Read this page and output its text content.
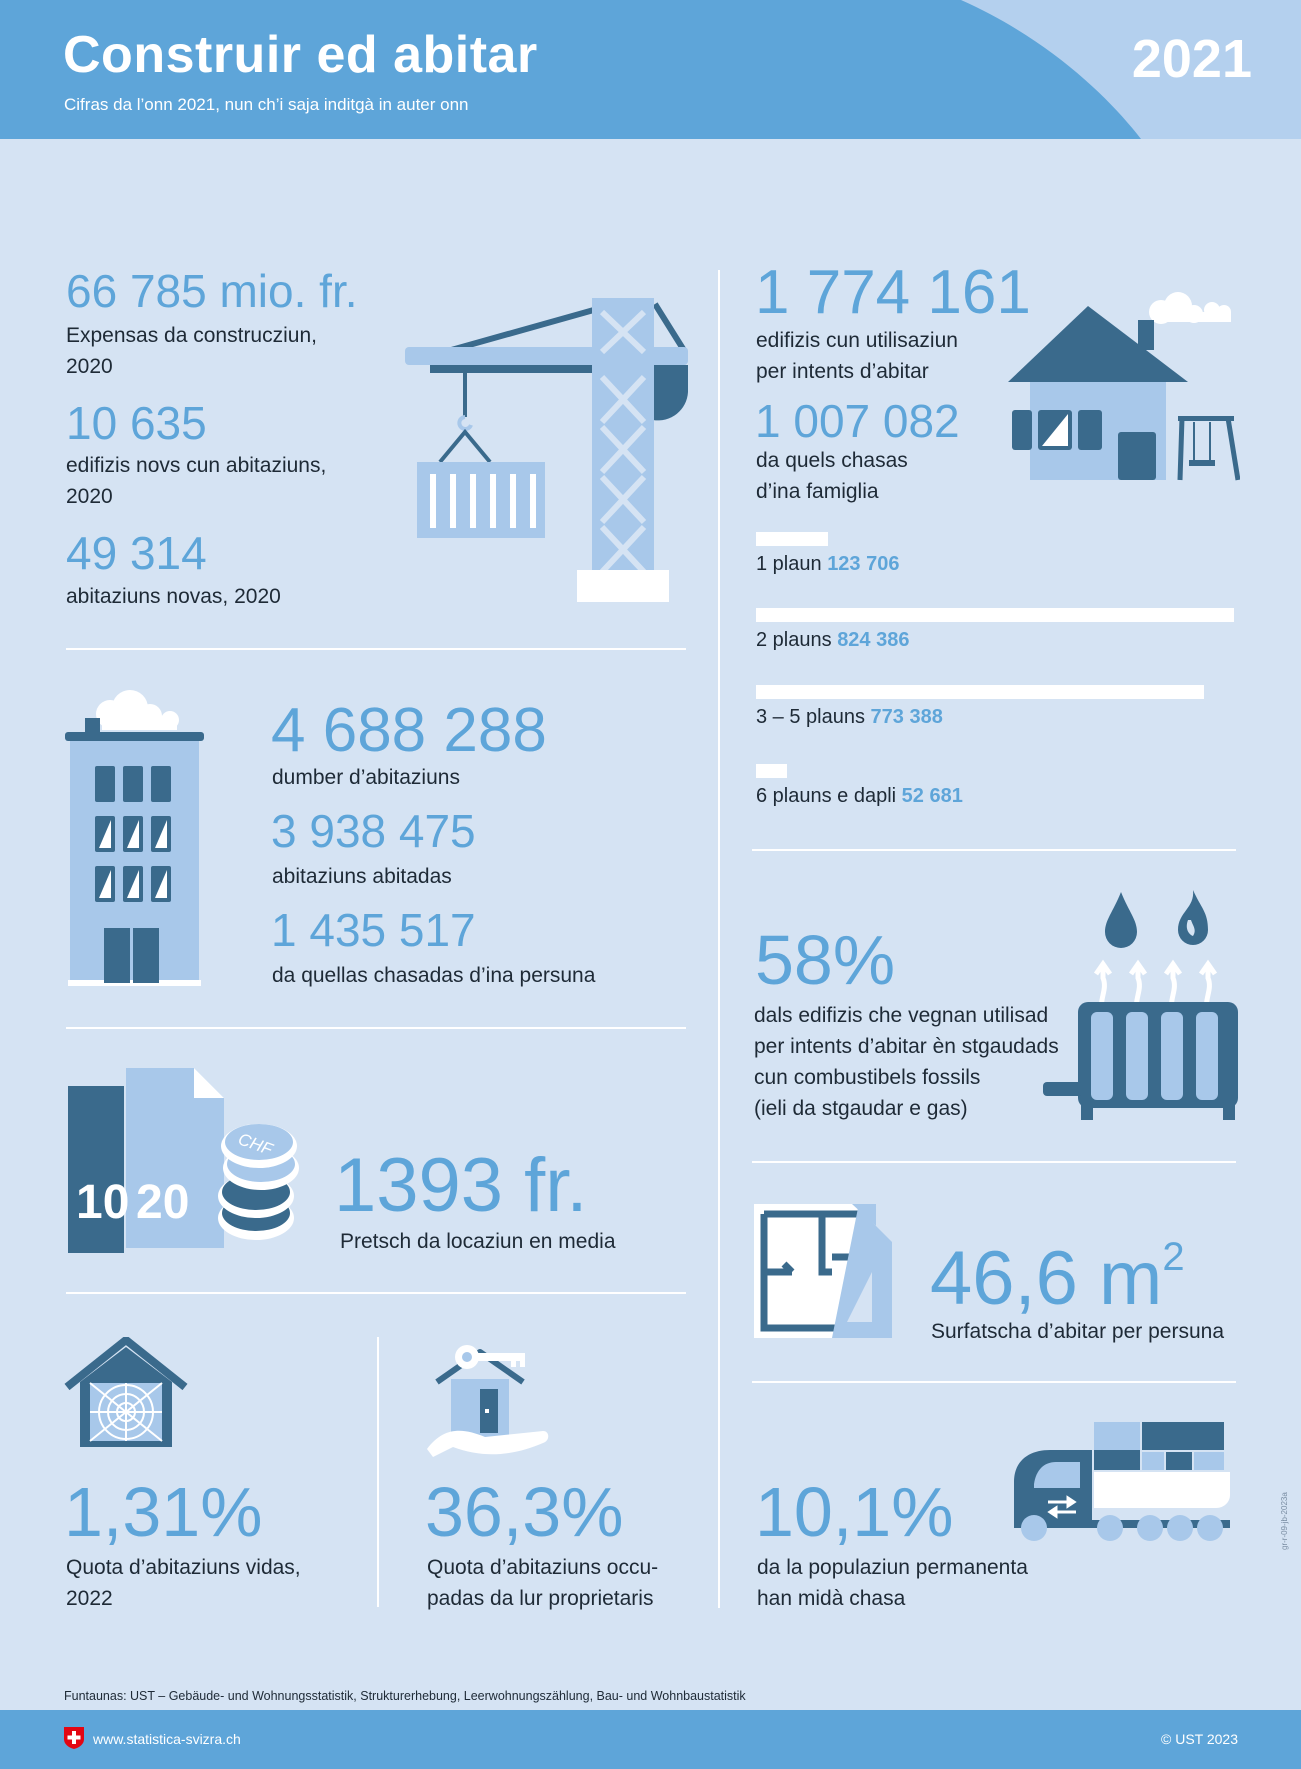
Construir ed abitar
Cifras da l’onn 2021, nun ch’i saja inditgà in auter onn
2021
66 785 mio. fr.
Expensas da construcziun,
2020
10 635
edifizis novs cun abitaziuns,
2020
49 314
abitaziuns novas, 2020
4 688 288
dumber d’abitaziuns
3 938 475
abitaziuns abitadas
1 435 517
da quellas chasadas d’ina persuna
10 20
CHF 1393 fr.
Pretsch da locaziun en media
1,31%
Quota d’abitaziuns vidas,
2022
36,3%
Quota d’abitaziuns occu-
padas da lur proprietaris
1 774 161
edifizis cun utilisaziun
per intents d’abitar
1 007 082
da quels chasas
d’ina famiglia
1 plaun 123 706
2 plauns 824 386
3 – 5 plauns 773 388
6 plauns e dapli 52 681
58%
dals edifizis che vegnan utilisad
per intents d’abitar èn stgaudads
cun combustibels fossils
(ieli da stgaudar e gas)
46,6 $m^2$
Surfatscha d’abitar per persuna
10,1%
da la populaziun permanenta
han midà chasa
gr-r-09-jb-2023a
Funtaunas: UST – Gebäude- und Wohnungsstatistik, Strukturerhebung, Leerwohnungszählung, Bau- und Wohnbaustatistik
www.statistica-svizra.ch	© UST 2023
